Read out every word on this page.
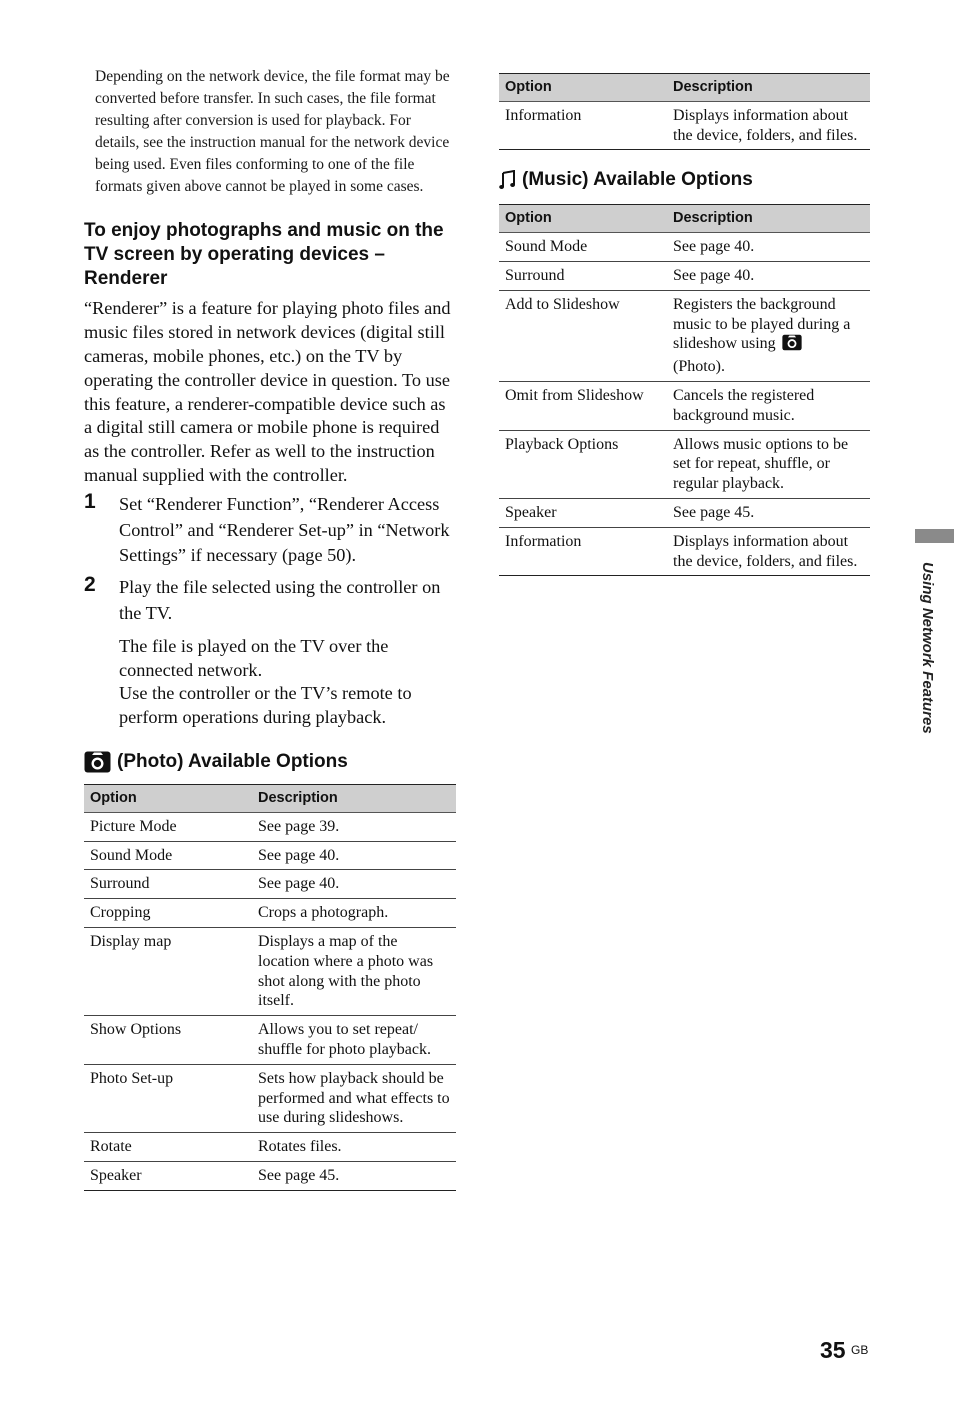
Depending on the network device, the file format may be converted before transfer. In such cases, the file format resulting after conversion is used for playback. For details, see the instruction manual for the network device being used. Even files conforming to one of the file formats given above cannot be played in some cases.

To enjoy photographs and music on the TV screen by operating devices – Renderer

“Renderer” is a feature for playing photo files and music files stored in network devices (digital still cameras, mobile phones, etc.) on the TV by operating the controller device in question. To use this feature, a renderer-compatible device such as a digital still camera or mobile phone is required as the controller. Refer as well to the instruction manual supplied with the controller.

1 Set “Renderer Function”, “Renderer Access Control” and “Renderer Set-up” in “Network Settings” if necessary (page 50).
2 Play the file selected using the controller on the TV.
The file is played on the TV over the connected network.
Use the controller or the TV’s remote to perform operations during playback.
(Photo) Available Options
Option	Description
Picture Mode	See page 39.
Sound Mode	See page 40.
Surround	See page 40.
Cropping	Crops a photograph.
Display map	Displays a map of the location where a photo was shot along with the photo itself.
Show Options	Allows you to set repeat/ shuffle for photo playback.
Photo Set-up	Sets how playback should be performed and what effects to use during slideshows.
Rotate	Rotates files.
Speaker	See page 45.
Option	Description
Information	Displays information about the device, folders, and files.
(Music) Available Options
Option	Description
Sound Mode	See page 40.
Surround	See page 40.
Add to Slideshow	Registers the background music to be played during a slideshow using
(Photo).
Omit from Slideshow	Cancels the registered background music.
Playback Options	Allows music options to be set for repeat, shuffle, or regular playback.
Speaker	See page 45.
Information	Displays information about the device, folders, and files.
Using Network Features
35 GB
